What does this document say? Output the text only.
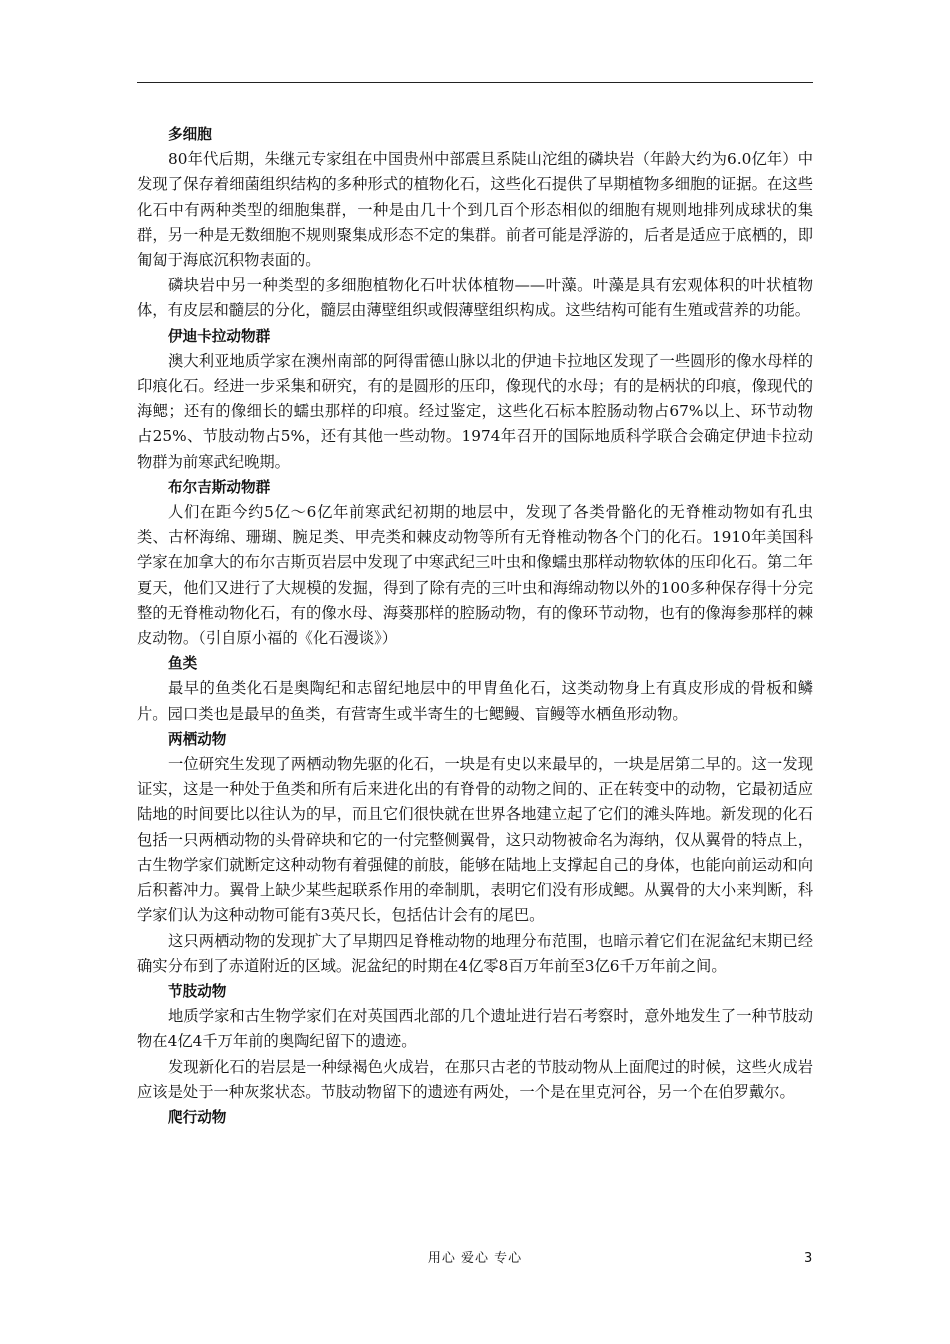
多细胞

80年代后期，朱继元专家组在中国贵州中部震旦系陡山沱组的磷块岩（年龄大约为6.0亿年）中发现了保存着细菌组织结构的多种形式的植物化石，这些化石提供了早期植物多细胞的证据。在这些化石中有两种类型的细胞集群，一种是由几十个到几百个形态相似的细胞有规则地排列成球状的集群，另一种是无数细胞不规则聚集成形态不定的集群。前者可能是浮游的，后者是适应于底栖的，即匍匐于海底沉积物表面的。

磷块岩中另一种类型的多细胞植物化石叶状体植物——叶藻。叶藻是具有宏观体积的叶状植物体，有皮层和髓层的分化，髓层由薄壁组织或假薄壁组织构成。这些结构可能有生殖或营养的功能。

伊迪卡拉动物群

澳大利亚地质学家在澳州南部的阿得雷德山脉以北的伊迪卡拉地区发现了一些圆形的像水母样的印痕化石。经进一步采集和研究，有的是圆形的压印，像现代的水母；有的是柄状的印痕，像现代的海鳃；还有的像细长的蠕虫那样的印痕。经过鉴定，这些化石标本腔肠动物占67%以上、环节动物占25%、节肢动物占5%，还有其他一些动物。1974年召开的国际地质科学联合会确定伊迪卡拉动物群为前寒武纪晚期。

布尔吉斯动物群

人们在距今约5亿～6亿年前寒武纪初期的地层中，发现了各类骨骼化的无脊椎动物如有孔虫类、古杯海绵、珊瑚、腕足类、甲壳类和棘皮动物等所有无脊椎动物各个门的化石。1910年美国科学家在加拿大的布尔吉斯页岩层中发现了中寒武纪三叶虫和像蠕虫那样动物软体的压印化石。第二年夏天，他们又进行了大规模的发掘，得到了除有壳的三叶虫和海绵动物以外的100多种保存得十分完整的无脊椎动物化石，有的像水母、海葵那样的腔肠动物，有的像环节动物，也有的像海参那样的棘皮动物。（引自原小福的《化石漫谈》）

鱼类

最早的鱼类化石是奥陶纪和志留纪地层中的甲胄鱼化石，这类动物身上有真皮形成的骨板和鳞片。园口类也是最早的鱼类，有营寄生或半寄生的七鳃鳗、盲鳗等水栖鱼形动物。

两栖动物

一位研究生发现了两栖动物先驱的化石，一块是有史以来最早的，一块是居第二早的。这一发现证实，这是一种处于鱼类和所有后来进化出的有脊骨的动物之间的、正在转变中的动物，它最初适应陆地的时间要比以往认为的早，而且它们很快就在世界各地建立起了它们的滩头阵地。新发现的化石包括一只两栖动物的头骨碎块和它的一付完整侧翼骨，这只动物被命名为海纳，仅从翼骨的特点上，古生物学家们就断定这种动物有着强健的前肢，能够在陆地上支撑起自己的身体，也能向前运动和向后积蓄冲力。翼骨上缺少某些起联系作用的牵制肌，表明它们没有形成鳃。从翼骨的大小来判断，科学家们认为这种动物可能有3英尺长，包括估计会有的尾巴。

这只两栖动物的发现扩大了早期四足脊椎动物的地理分布范围，也暗示着它们在泥盆纪末期已经确实分布到了赤道附近的区域。泥盆纪的时期在4亿零8百万年前至3亿6千万年前之间。

节肢动物

地质学家和古生物学家们在对英国西北部的几个遗址进行岩石考察时，意外地发生了一种节肢动物在4亿4千万年前的奥陶纪留下的遗迹。

发现新化石的岩层是一种绿褐色火成岩，在那只古老的节肢动物从上面爬过的时候，这些火成岩应该是处于一种灰浆状态。节肢动物留下的遗迹有两处，一个是在里克河谷，另一个在伯罗戴尔。

爬行动物
用心 爱心 专心	3
